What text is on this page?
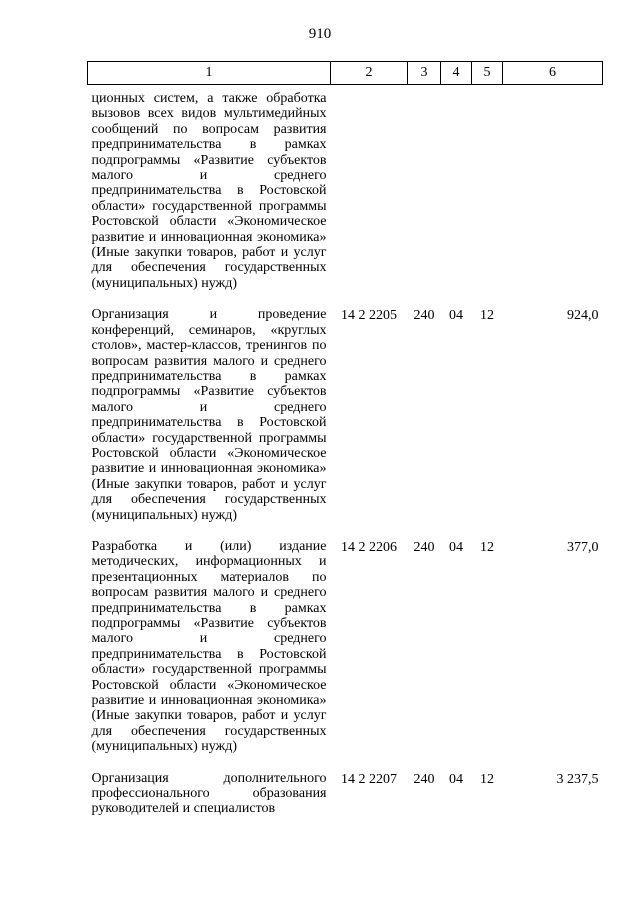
910
1	2	3	4	5	6
ционных систем, а также обработка вызовов всех видов мультимедийных сообщений по вопросам развития предпринимательства в рамках подпрограммы «Развитие субъектов малого и среднего предпринимательства в Ростовской области» государственной программы Ростовской области «Экономическое развитие и инновационная экономика» (Иные закупки товаров, работ и услуг для обеспечения государственных (муниципальных) нужд)					
Организация и проведение конференций, семинаров, «круглых столов», мастер-классов, тренингов по вопросам развития малого и среднего предпринимательства в рамках подпрограммы «Развитие субъектов малого и среднего предпринимательства в Ростовской области» государственной программы Ростовской области «Экономическое развитие и инновационная экономика» (Иные закупки товаров, работ и услуг для обеспечения государственных (муниципальных) нужд)	14 2 2205	240	04	12	924,0
Разработка и (или) издание методических, информационных и презентационных материалов по вопросам развития малого и среднего предпринимательства в рамках подпрограммы «Развитие субъектов малого и среднего предпринимательства в Ростовской области» государственной программы Ростовской области «Экономическое развитие и инновационная экономика» (Иные закупки товаров, работ и услуг для обеспечения государственных (муниципальных) нужд)	14 2 2206	240	04	12	377,0
Организация дополнительного профессионального образования руководителей и специалистов	14 2 2207	240	04	12	3 237,5
